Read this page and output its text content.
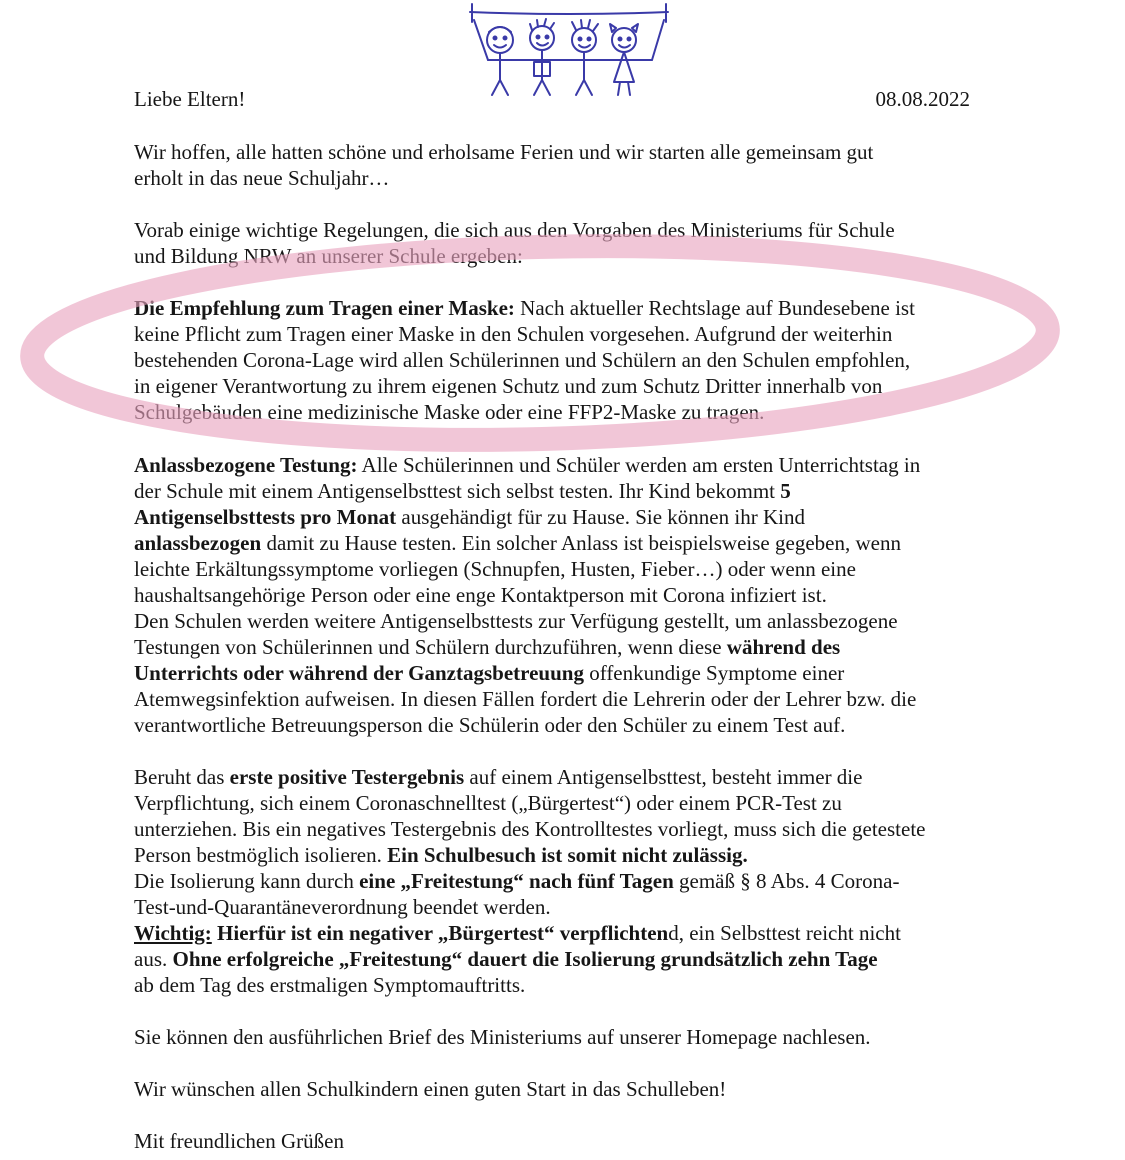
Liebe Eltern!	08.08.2022
Wir hoffen, alle hatten schöne und erholsame Ferien und wir starten alle gemeinsam gut
erholt in das neue Schuljahr…
Vorab einige wichtige Regelungen, die sich aus den Vorgaben des Ministeriums für Schule
und Bildung NRW an unserer Schule ergeben:
Die Empfehlung zum Tragen einer Maske: Nach aktueller Rechtslage auf Bundesebene ist
keine Pflicht zum Tragen einer Maske in den Schulen vorgesehen. Aufgrund der weiterhin
bestehenden Corona-Lage wird allen Schülerinnen und Schülern an den Schulen empfohlen,
in eigener Verantwortung zu ihrem eigenen Schutz und zum Schutz Dritter innerhalb von
Schulgebäuden eine medizinische Maske oder eine FFP2-Maske zu tragen.
Anlassbezogene Testung: Alle Schülerinnen und Schüler werden am ersten Unterrichtstag in
der Schule mit einem Antigenselbsttest sich selbst testen. Ihr Kind bekommt 5
Antigenselbsttests pro Monat ausgehändigt für zu Hause. Sie können ihr Kind
anlassbezogen damit zu Hause testen. Ein solcher Anlass ist beispielsweise gegeben, wenn
leichte Erkältungssymptome vorliegen (Schnupfen, Husten, Fieber…) oder wenn eine
haushaltsangehörige Person oder eine enge Kontaktperson mit Corona infiziert ist.
Den Schulen werden weitere Antigenselbsttests zur Verfügung gestellt, um anlassbezogene
Testungen von Schülerinnen und Schülern durchzuführen, wenn diese während des
Unterrichts oder während der Ganztagsbetreuung offenkundige Symptome einer
Atemwegsinfektion aufweisen. In diesen Fällen fordert die Lehrerin oder der Lehrer bzw. die
verantwortliche Betreuungsperson die Schülerin oder den Schüler zu einem Test auf.
Beruht das erste positive Testergebnis auf einem Antigenselbsttest, besteht immer die
Verpflichtung, sich einem Coronaschnelltest („Bürgertest“) oder einem PCR-Test zu
unterziehen. Bis ein negatives Testergebnis des Kontrolltestes vorliegt, muss sich die getestete
Person bestmöglich isolieren. Ein Schulbesuch ist somit nicht zulässig.
Die Isolierung kann durch eine „Freitestung“ nach fünf Tagen gemäß § 8 Abs. 4 Corona-
Test-und-Quarantäneverordnung beendet werden.
Wichtig: Hierfür ist ein negativer „Bürgertest“ verpflichtend, ein Selbsttest reicht nicht
aus. Ohne erfolgreiche „Freitestung“ dauert die Isolierung grundsätzlich zehn Tage
ab dem Tag des erstmaligen Symptomauftritts.
Sie können den ausführlichen Brief des Ministeriums auf unserer Homepage nachlesen.
Wir wünschen allen Schulkindern einen guten Start in das Schulleben!
Mit freundlichen Grüßen
